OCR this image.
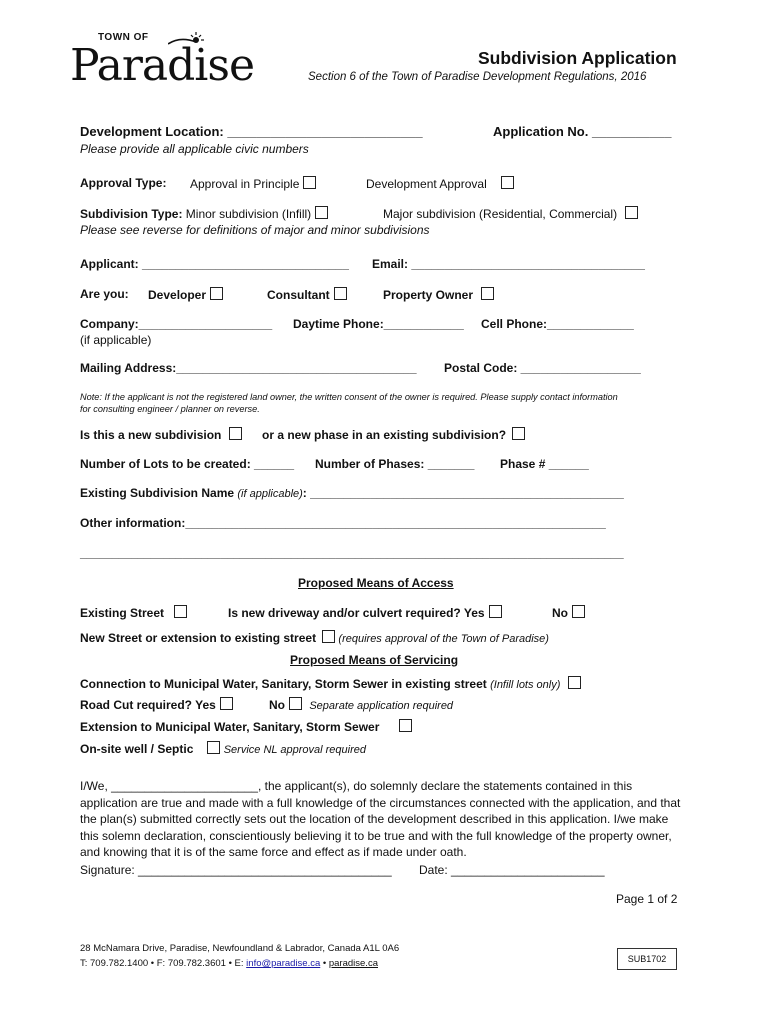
TOWN OF
Paradise	Subdivision Application
Section 6 of the Town of Paradise Development Regulations, 2016
Development Location: ___________________________	Application No. ___________
Please provide all applicable civic numbers
Approval Type: Approval in Principle	Development Approval
Subdivision Type: Minor subdivision (Infill)	Major subdivision (Residential, Commercial)
Please see reverse for definitions of major and minor subdivisions
Applicant: _______________________________ Email: ___________________________________
Are you: Developer	Consultant	Property Owner
Company:____________________ Daytime Phone:____________ Cell Phone:_____________
(if applicable)
Mailing Address:____________________________________ Postal Code: __________________
Note: If the applicant is not the registered land owner, the written consent of the owner is required. Please supply contact information
for consulting engineer / planner on reverse.
Is this a new subdivision	or a new phase in an existing subdivision?
Number of Lots to be created: ______ Number of Phases: _______ Phase # ______
Existing Subdivision Name (if applicable): _______________________________________________
Other information:_______________________________________________________________
_____________________________________________________________________________________
Proposed Means of Access
Existing Street	Is new driveway and/or culvert required? Yes	No
New Street or extension to existing street (requires approval of the Town of Paradise)
Proposed Means of Servicing
Connection to Municipal Water, Sanitary, Storm Sewer in existing street (Infill lots only)
Road Cut required? Yes	No Separate application required
Extension to Municipal Water, Sanitary, Storm Sewer
On-site well / Septic	Service NL approval required
I/We, ______________________, the applicant(s), do solemnly declare the statements contained in this application are true and made with a full knowledge of the circumstances connected with the application, and that the plan(s) submitted correctly sets out the location of the development described in this application. I/we make this solemn declaration, conscientiously believing it to be true and with the full knowledge of the property owner, and knowing that it is of the same force and effect as if made under oath.
Signature: ______________________________________ Date: _______________________
Page 1 of 2
28 McNamara Drive, Paradise, Newfoundland & Labrador, Canada A1L 0A6
T: 709.782.1400 • F: 709.782.3601 • E: info@paradise.ca • paradise.ca	SUB1702
